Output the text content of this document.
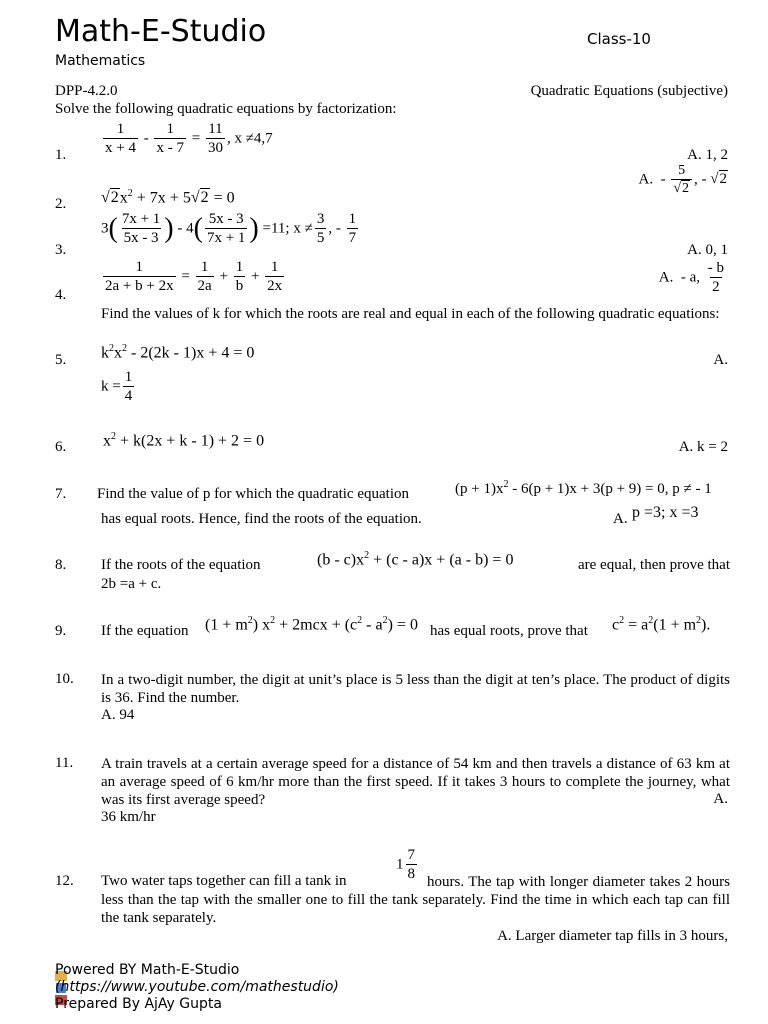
Math-E-Studio	Class-10
Mathematics
DPP-4.2.0	Quadratic Equations (subjective)
Solve the following quadratic equations by factorization:
1. $\frac{1}{x + 4} - \frac{1}{x - 7} = \frac{11}{30}$ , x ≠4,7
A. 1, 2
2. $√2x^2 + 7x + 5√2 = 0$
A.  - $\frac{5}{√2}$ , - √2
3.
$3( \frac{7x + 1}{5x - 3}$ ) - $4( \frac{5x - 3}{7x + 1}$ ) =11; $x \ne \frac{3}{5}$ , - $\frac{1}{7}$
A. 0, 1
4.
$\frac{1}{2a + b + 2x} = \frac{1}{2a} + \frac{1}{b} + \frac{1}{2x}$	A.  - a, $\frac{- b}{2}$
Find the values of k for which the roots are real and equal in each of the following quadratic equations:
5. $k^2x^2 - 2(2k - 1)x + 4 = 0$	A.
$k = \frac{1}{4}$
6. $x^2 + k(2x + k - 1) + 2 = 0$	A. k = 2
7. Find the value of p for which the quadratic equation	$(p + 1)x^2 - 6(p + 1)x + 3(p + 9) = 0$, p ≠ - 1
has equal roots. Hence, find the roots of the equation.	A. p =3; x =3
8. If the roots of the equation	$(b - c)x^2 + (c - a)x + (a - b) = 0$	are equal, then prove that
2b =a + c.
9. If the equation $(1 + m^2)$ $x^2 + 2mcx + (c^2 - a^2) = 0$ has equal roots, prove that $c^2 = a^2(1 + m^2)$.
10. In a two-digit number, the digit at unit’s place is 5 less than the digit at ten’s place. The product of digits is 36. Find the number.
A. 94
11. A train travels at a certain average speed for a distance of 54 km and then travels a distance of 63 km at an average speed of 6 km/hr more than the first speed. If it takes 3 hours to complete the journey, what was its first average speed?	A.
36 km/hr
$1 \frac{7}{8}$
12. Two water taps together can fill a tank in	hours. The tap with longer diameter takes 2 hours less than the tap with the smaller one to fill the tank separately. Find the time in which each tap can fill the tank separately.
A. Larger diameter tap fills in 3 hours,
Powered BY Math-E-Studio
(https://www.youtube.com/mathestudio)
Prepared By AjAy Gupta
